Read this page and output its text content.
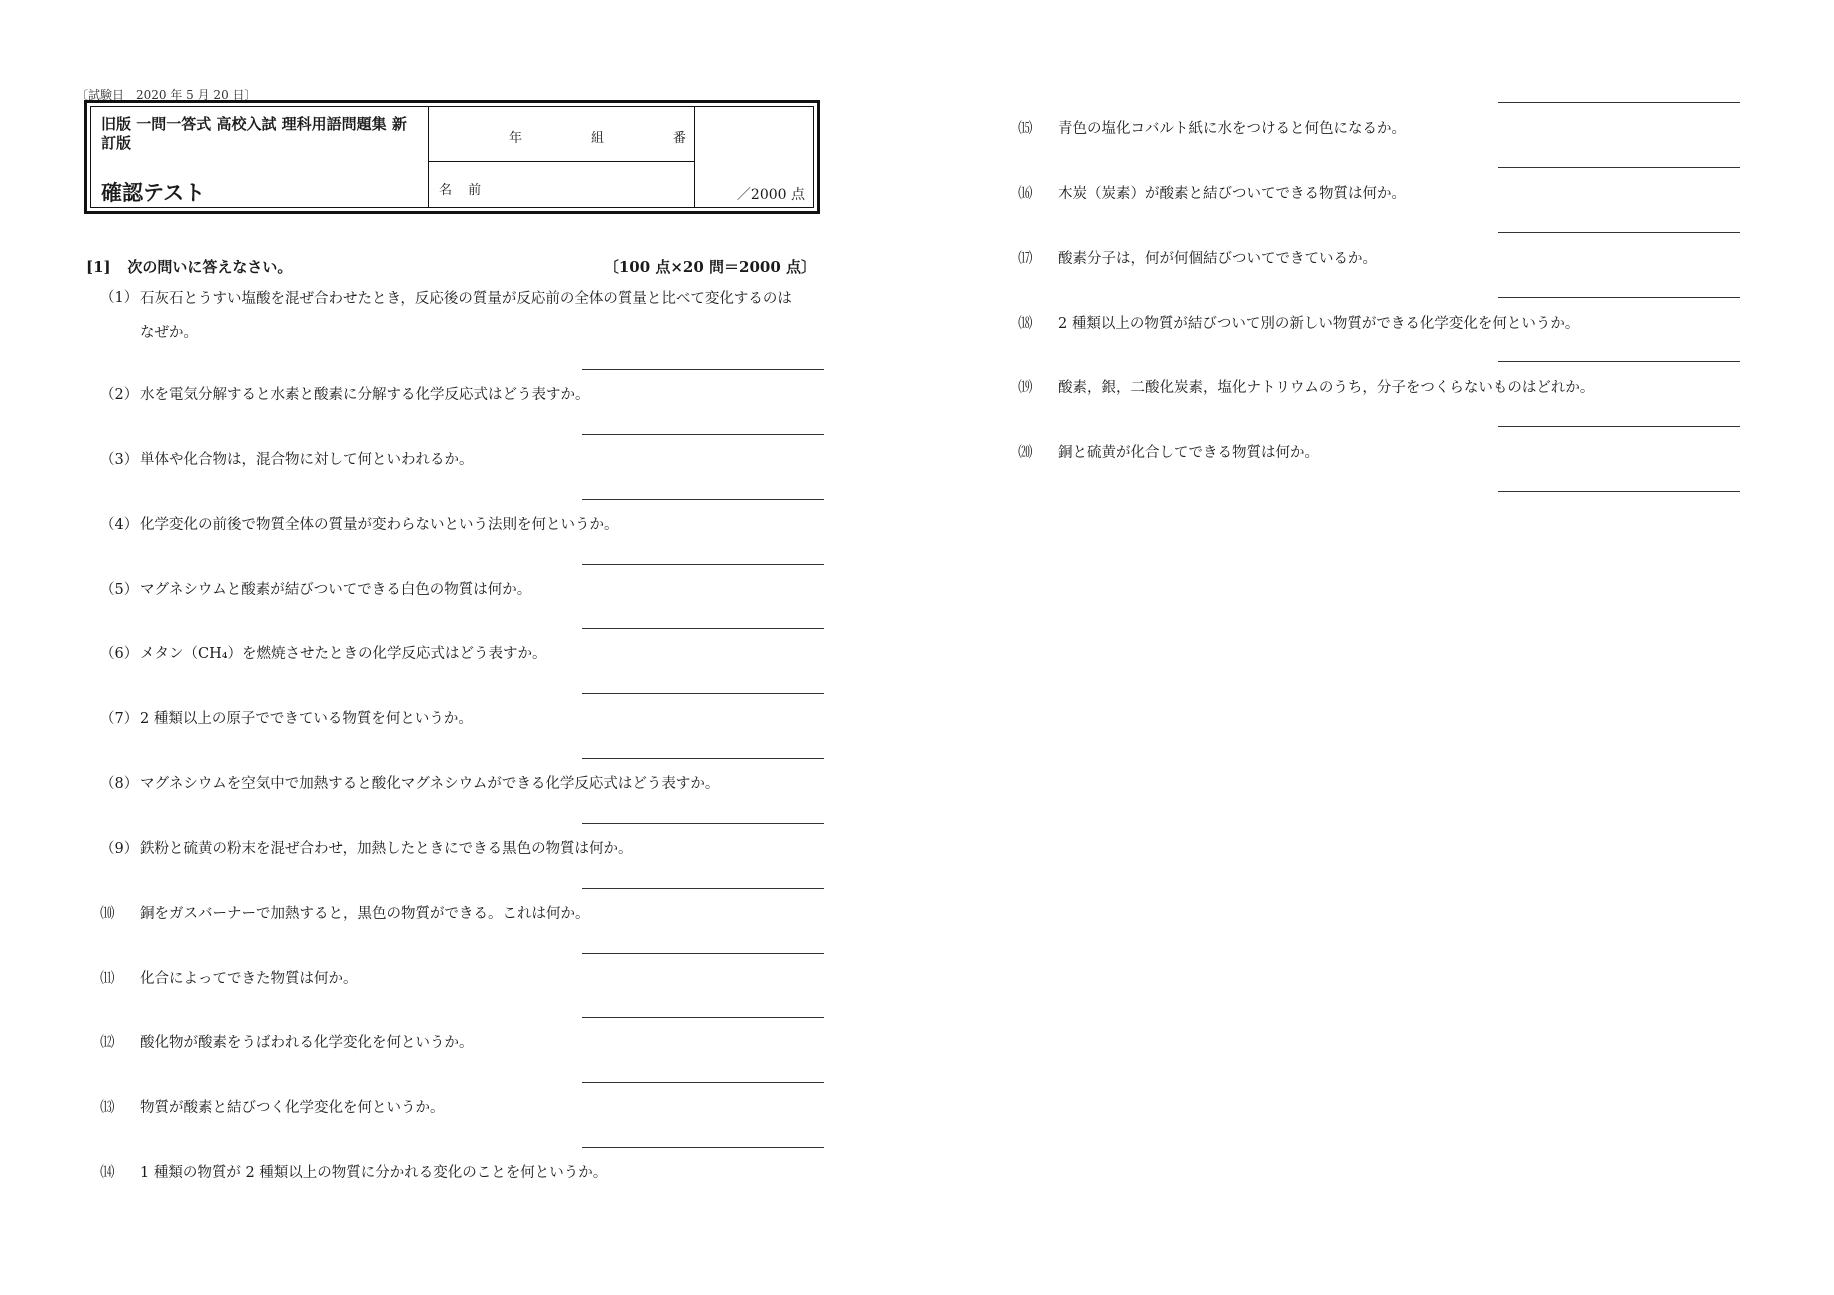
〔試験日　2020 年 5 月 20 日〕
旧版 一問一答式 高校入試 理科用語問題集 新訂版
確認テスト
年	組	番
名 前	／2000 点
[1] 次の問いに答えなさい。	〔100 点×20 問＝2000 点〕
（1） 石灰石とうすい塩酸を混ぜ合わせたとき，反応後の質量が反応前の全体の質量と比べて変化するのはなぜか。
（2） 水を電気分解すると水素と酸素に分解する化学反応式はどう表すか。
（3） 単体や化合物は，混合物に対して何といわれるか。
（4） 化学変化の前後で物質全体の質量が変わらないという法則を何というか。
（5） マグネシウムと酸素が結びついてできる白色の物質は何か。
（6） メタン（CH₄）を燃焼させたときの化学反応式はどう表すか。
（7） 2 種類以上の原子でできている物質を何というか。
（8） マグネシウムを空気中で加熱すると酸化マグネシウムができる化学反応式はどう表すか。
（9） 鉄粉と硫黄の粉末を混ぜ合わせ，加熱したときにできる黒色の物質は何か。
⑽ 銅をガスバーナーで加熱すると，黒色の物質ができる。これは何か。
⑾ 化合によってできた物質は何か。
⑿ 酸化物が酸素をうばわれる化学変化を何というか。
⒀ 物質が酸素と結びつく化学変化を何というか。
⒁ 1 種類の物質が 2 種類以上の物質に分かれる変化のことを何というか。
⒂ 青色の塩化コバルト紙に水をつけると何色になるか。
⒃ 木炭（炭素）が酸素と結びついてできる物質は何か。
⒄ 酸素分子は，何が何個結びついてできているか。
⒅ 2 種類以上の物質が結びついて別の新しい物質ができる化学変化を何というか。
⒆ 酸素，銀，二酸化炭素，塩化ナトリウムのうち，分子をつくらないものはどれか。
⒇ 銅と硫黄が化合してできる物質は何か。
